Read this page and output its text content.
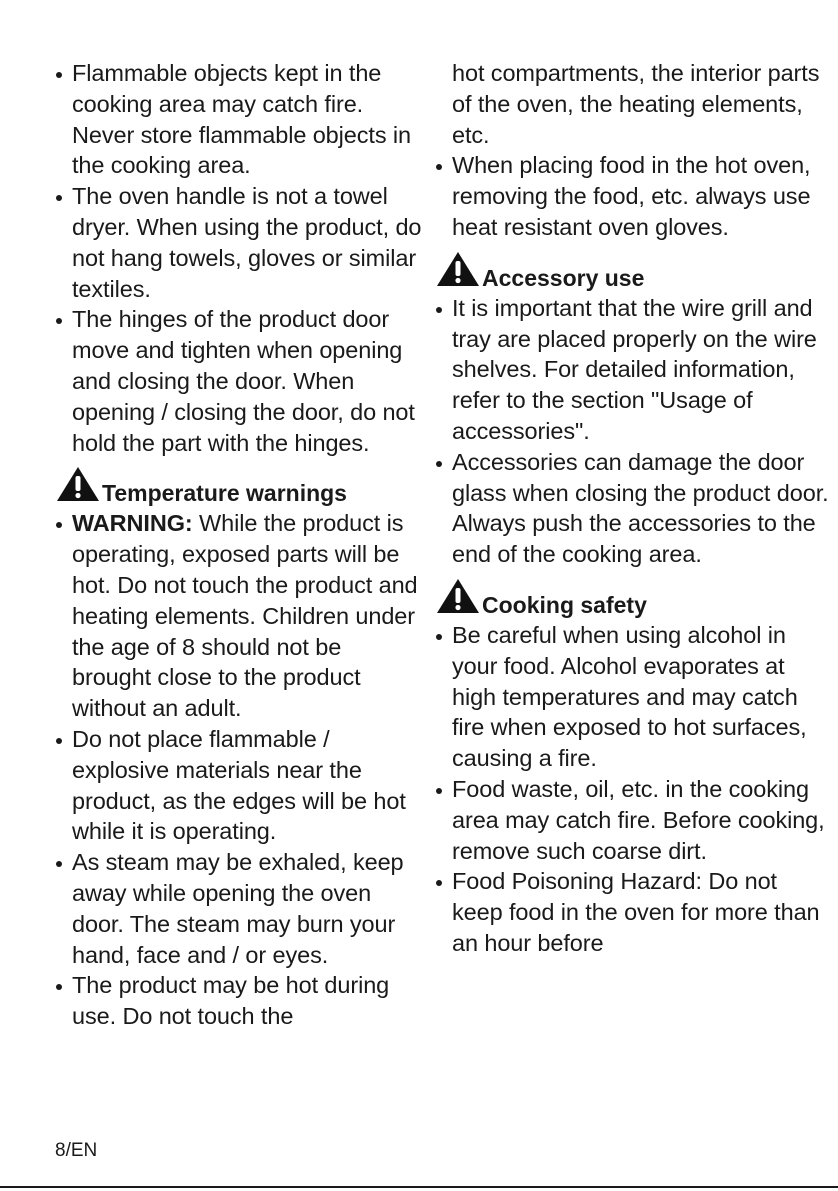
Flammable objects kept in the cooking area may catch fire. Never store flammable objects in the cooking area.
The oven handle is not a towel dryer. When using the product, do not hang towels, gloves or similar textiles.
The hinges of the product door move and tighten when opening and closing the door. When opening / closing the door, do not hold the part with the hinges.
Temperature warnings
WARNING: While the product is operating, exposed parts will be hot. Do not touch the product and heating elements. Children under the age of 8 should not be brought close to the product without an adult.
Do not place flammable / explosive materials near the product, as the edges will be hot while it is operating.
As steam may be exhaled, keep away while opening the oven door. The steam may burn your hand, face and / or eyes.
The product may be hot during use. Do not touch the
hot compartments, the interior parts of the oven, the heating elements, etc.
When placing food in the hot oven, removing the food, etc. always use heat resistant oven gloves.
Accessory use
It is important that the wire grill and tray are placed properly on the wire shelves. For detailed information, refer to the section "Usage of accessories".
Accessories can damage the door glass when closing the product door. Always push the accessories to the end of the cooking area.
Cooking safety
Be careful when using alcohol in your food. Alcohol evaporates at high temperatures and may catch fire when exposed to hot surfaces, causing a fire.
Food waste, oil, etc. in the cooking area may catch fire. Before cooking, remove such coarse dirt.
Food Poisoning Hazard: Do not keep food in the oven for more than an hour before
8/EN
